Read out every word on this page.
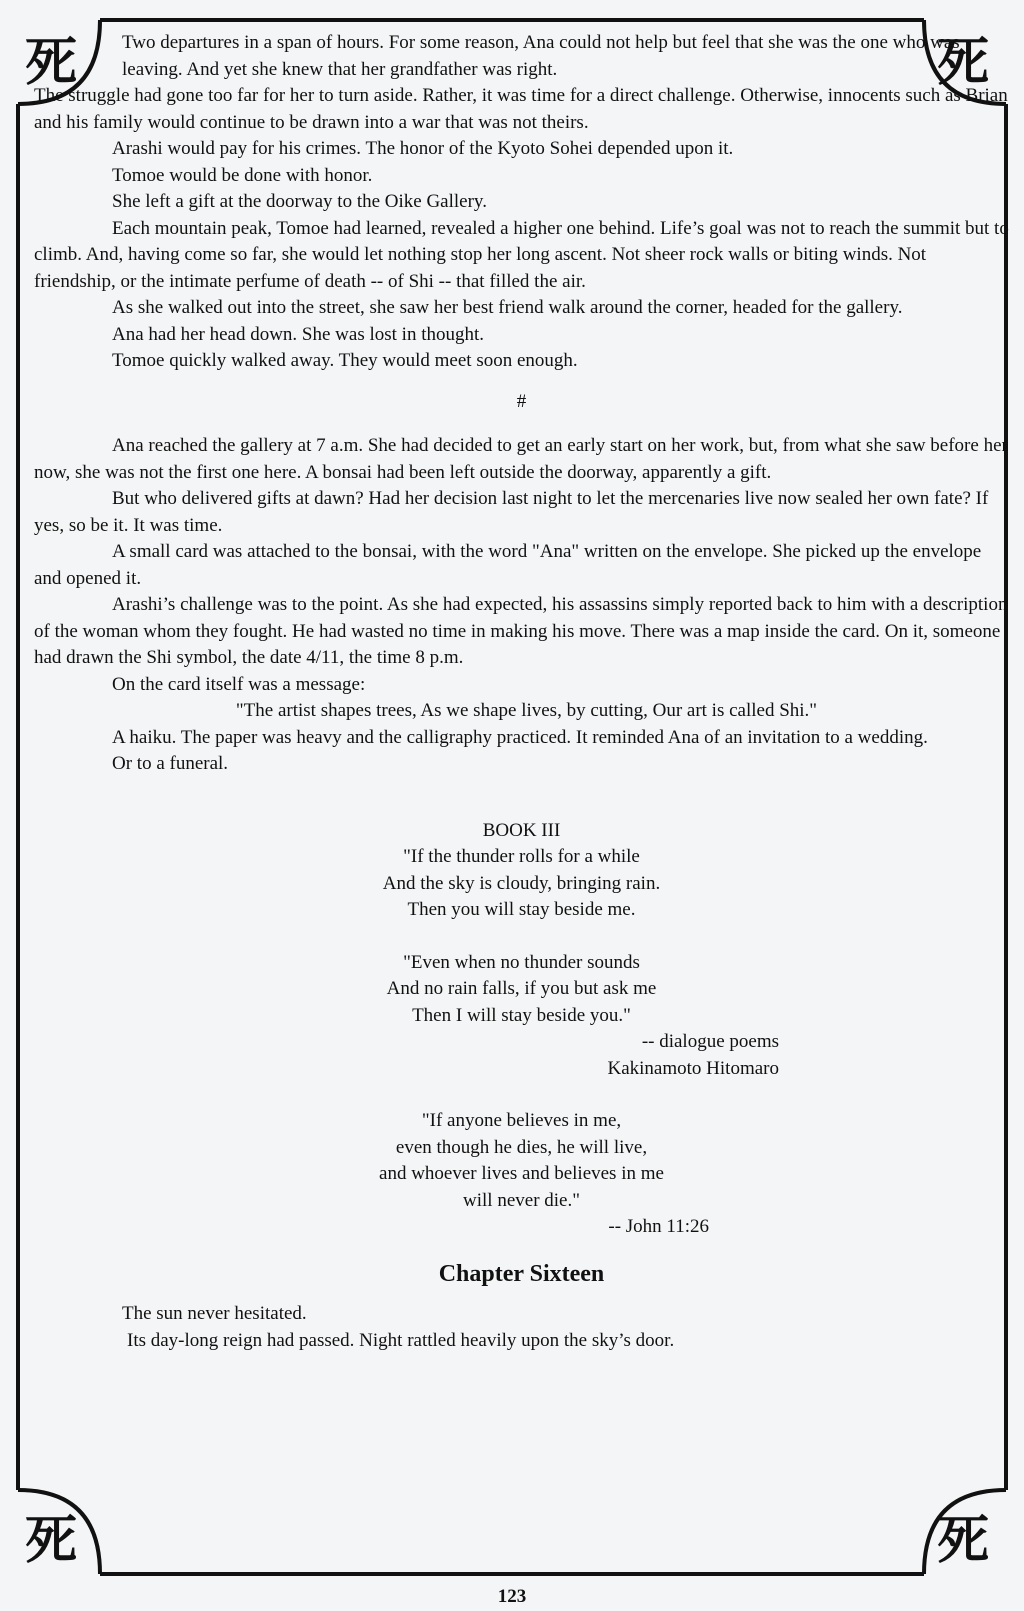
死	死
死	死

Two departures in a span of hours. For some reason, Ana could not help but feel that she was the one who was leaving. And yet she knew that her grandfather was right.

The struggle had gone too far for her to turn aside. Rather, it was time for a direct challenge. Otherwise, innocents such as Brian and his family would continue to be drawn into a war that was not theirs.

Arashi would pay for his crimes. The honor of the Kyoto Sohei depended upon it.

Tomoe would be done with honor.

She left a gift at the doorway to the Oike Gallery.

Each mountain peak, Tomoe had learned, revealed a higher one behind. Life’s goal was not to reach the summit but to climb. And, having come so far, she would let nothing stop her long ascent. Not sheer rock walls or biting winds. Not friendship, or the intimate perfume of death -- of Shi -- that filled the air.

As she walked out into the street, she saw her best friend walk around the corner, headed for the gallery.

Ana had her head down. She was lost in thought.

Tomoe quickly walked away. They would meet soon enough.

#

Ana reached the gallery at 7 a.m. She had decided to get an early start on her work, but, from what she saw before her now, she was not the first one here. A bonsai had been left outside the doorway, apparently a gift.

But who delivered gifts at dawn? Had her decision last night to let the mercenaries live now sealed her own fate? If yes, so be it. It was time.

A small card was attached to the bonsai, with the word "Ana" written on the envelope. She picked up the envelope and opened it.

Arashi’s challenge was to the point. As she had expected, his assassins simply reported back to him with a description of the woman whom they fought. He had wasted no time in making his move. There was a map inside the card. On it, someone had drawn the Shi symbol, the date 4/11, the time 8 p.m.

On the card itself was a message:

"The artist shapes trees, As we shape lives, by cutting, Our art is called Shi."

A haiku. The paper was heavy and the calligraphy practiced. It reminded Ana of an invitation to a wedding.

Or to a funeral.

BOOK III

"If the thunder rolls for a while

And the sky is cloudy, bringing rain.

Then you will stay beside me.

"Even when no thunder sounds

And no rain falls, if you but ask me

Then I will stay beside you."

-- dialogue poems

Kakinamoto Hitomaro

"If anyone believes in me,

even though he dies, he will live,

and whoever lives and believes in me

will never die."

-- John 11:26

Chapter Sixteen

The sun never hesitated.

Its day-long reign had passed. Night rattled heavily upon the sky’s door.

123
